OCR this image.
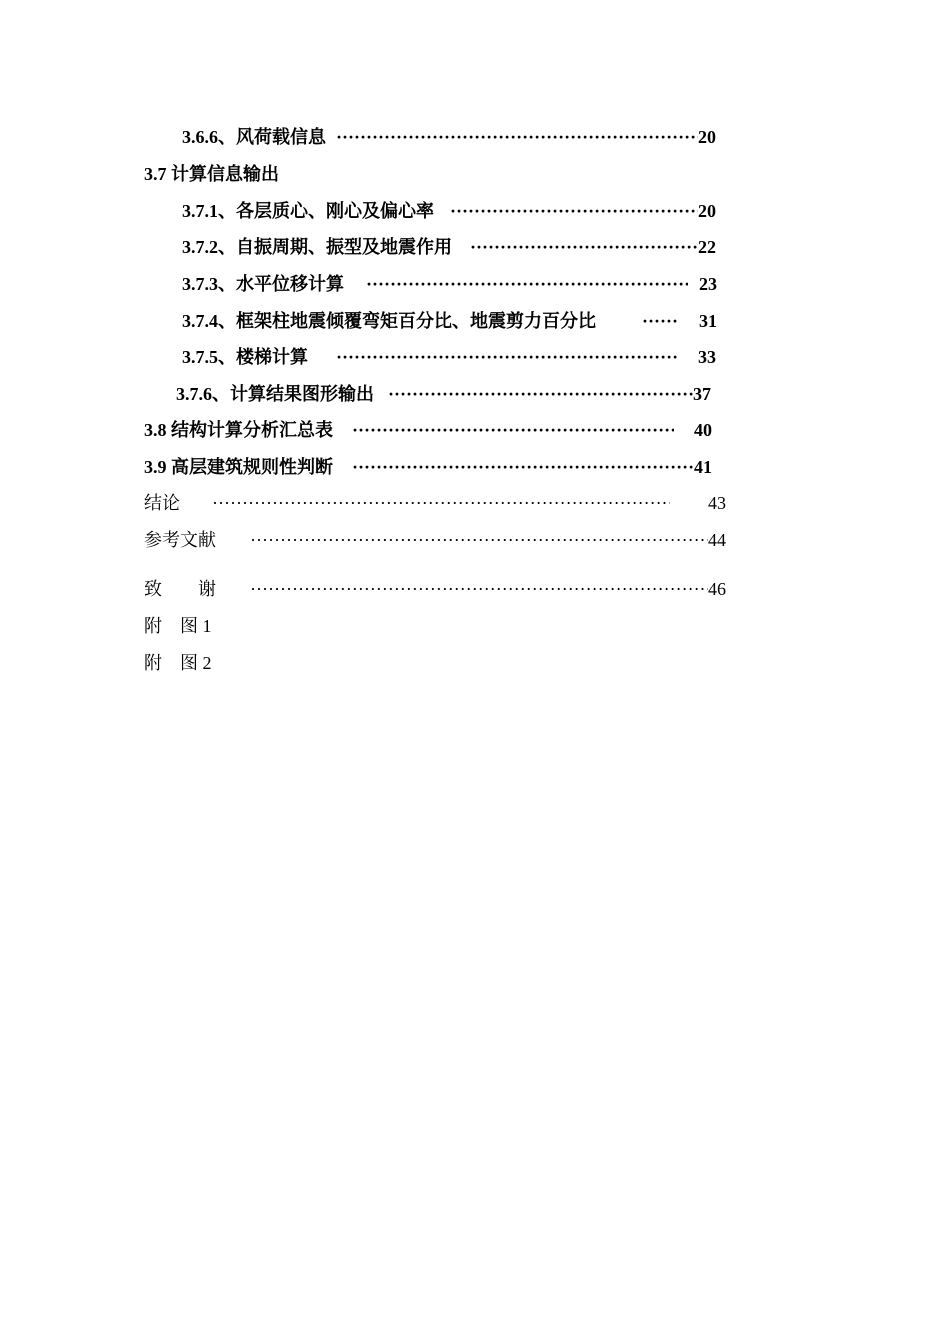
3.6.6、风荷载信息 ·····	20
3.7 计算信息输出
3.7.1、各层质心、刚心及偏心率 ·····	20
3.7.2、自振周期、振型及地震作用 ·····	22
3.7.3、水平位移计算 ·····	23
3.7.4、框架柱地震倾覆弯矩百分比、地震剪力百分比 ·····	31
3.7.5、楼梯计算 ·····	33
3.7.6、计算结果图形输出 ·····	37
3.8 结构计算分析汇总表 ·····	40
3.9 高层建筑规则性判断 ·····	41
结论 ·····	43
参考文献 ·····	44
致        谢 ·····	46
附    图 1
附    图 2
